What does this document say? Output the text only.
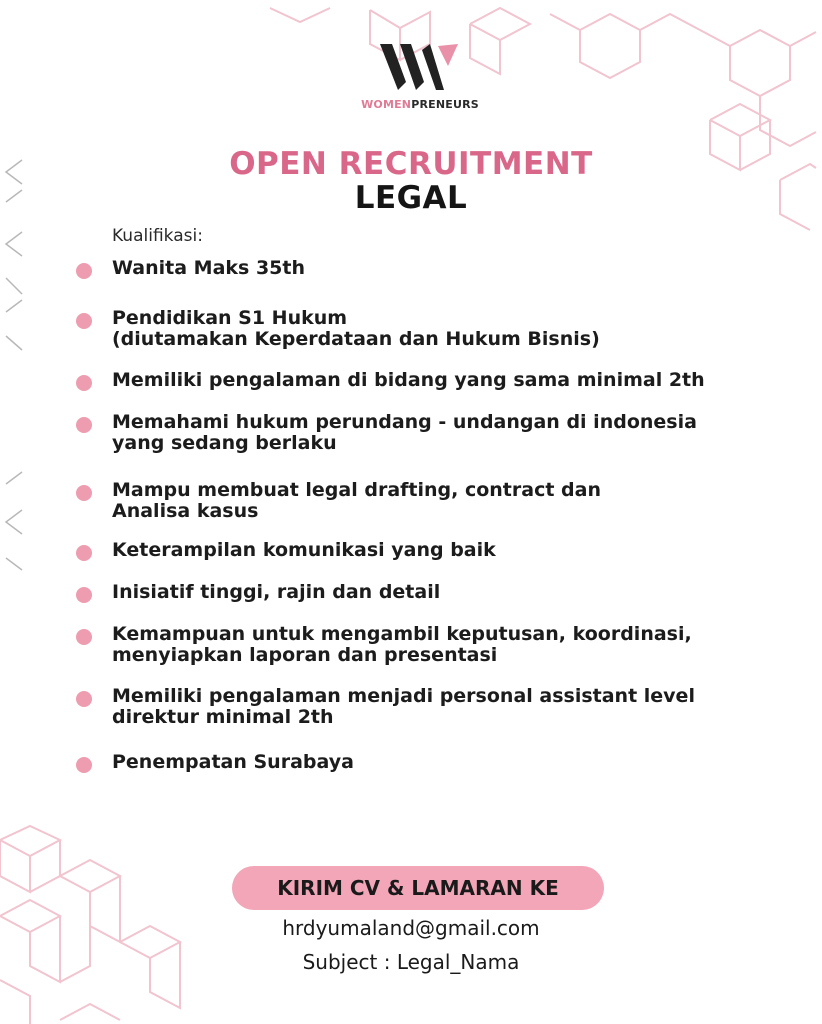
WOMENPRENEURS
OPEN RECRUITMENT
LEGAL
Kualifikasi:
Wanita Maks 35th
Pendidikan S1 Hukum
(diutamakan Keperdataan dan Hukum Bisnis)
Memiliki pengalaman di bidang yang sama minimal 2th
Memahami hukum perundang - undangan di indonesia
yang sedang berlaku
Mampu membuat legal drafting, contract dan
Analisa kasus
Keterampilan komunikasi yang baik
Inisiatif tinggi, rajin dan detail
Kemampuan untuk mengambil keputusan, koordinasi,
menyiapkan laporan dan presentasi
Memiliki pengalaman menjadi personal assistant level
direktur minimal 2th
Penempatan Surabaya
KIRIM CV & LAMARAN KE
hrdyumaland@gmail.com
Subject : Legal_Nama
